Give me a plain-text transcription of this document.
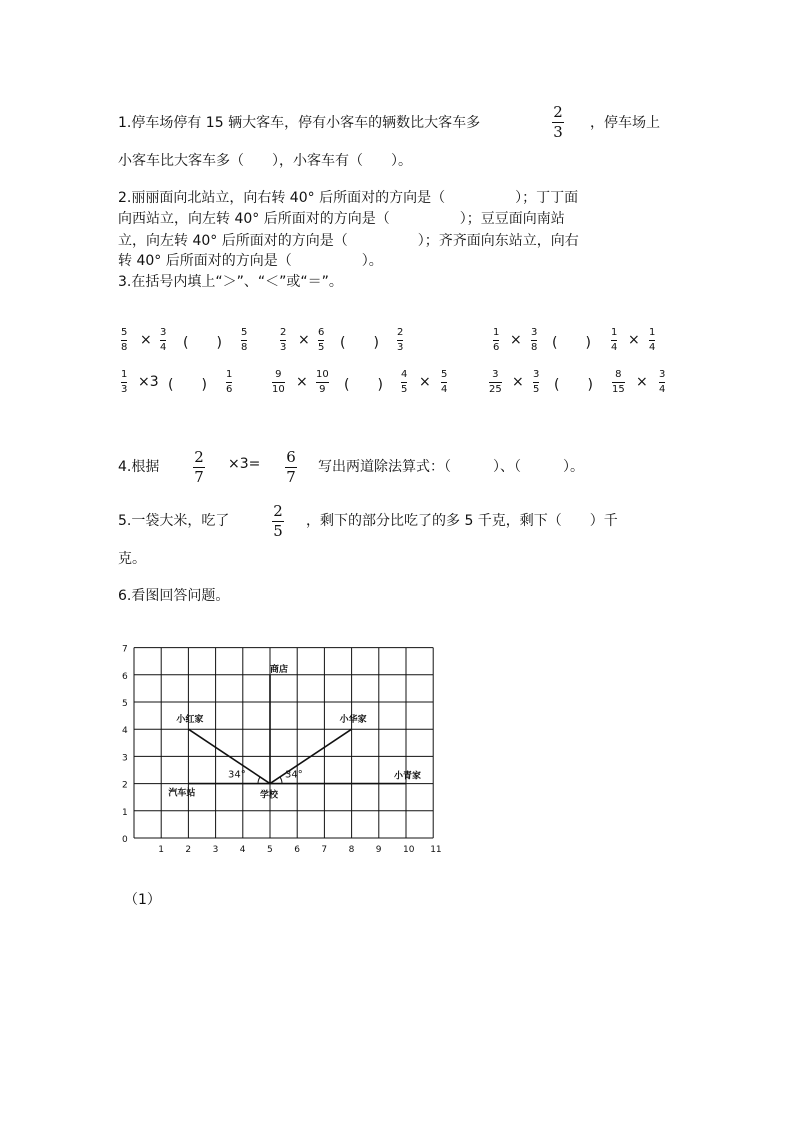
1.停车场停有 15 辆大客车，停有小客车的辆数比大客车多
2
3 ，停车场上
小客车比大客车多（　　），小客车有（　　）。
2.丽丽面向北站立，向右转 40° 后所面对的方向是（　　　　　）；丁丁面
向西站立，向左转 40° 后所面对的方向是（　　　　　）；豆豆面向南站
立，向左转 40° 后所面对的方向是（　　　　　）；齐齐面向东站立，向右
转 40° 后所面对的方向是（　　　　　）。
3.在括号内填上“＞”、“＜”或“＝”。
5
8 × 3
4 (　　)
5
8
2
3 × 6
5 (　　)
2
3
1
6 × 3
8 (　　)
1
4 × 1
4
1
3 ×3 (　　)
1
6
9
10 × 10
9 (　　)
4
5 × 5
4
3
25 × 3
5 (　　)
8
15 × 3
4
4.根据
2
7
×3= 6
7
写出两道除法算式：（　　　）、（　　　）。
5.一袋大米，吃了
2
5
，剩下的部分比吃了的多 5 千克，剩下（　　）千
克。
6.看图回答问题。
34°	34°
0
1 2 3 4 5 6 7 8 9 10 11
1
2
3
4
5
6
7
学校
商店
小红家	小华家
小青家
汽车站
（1）
